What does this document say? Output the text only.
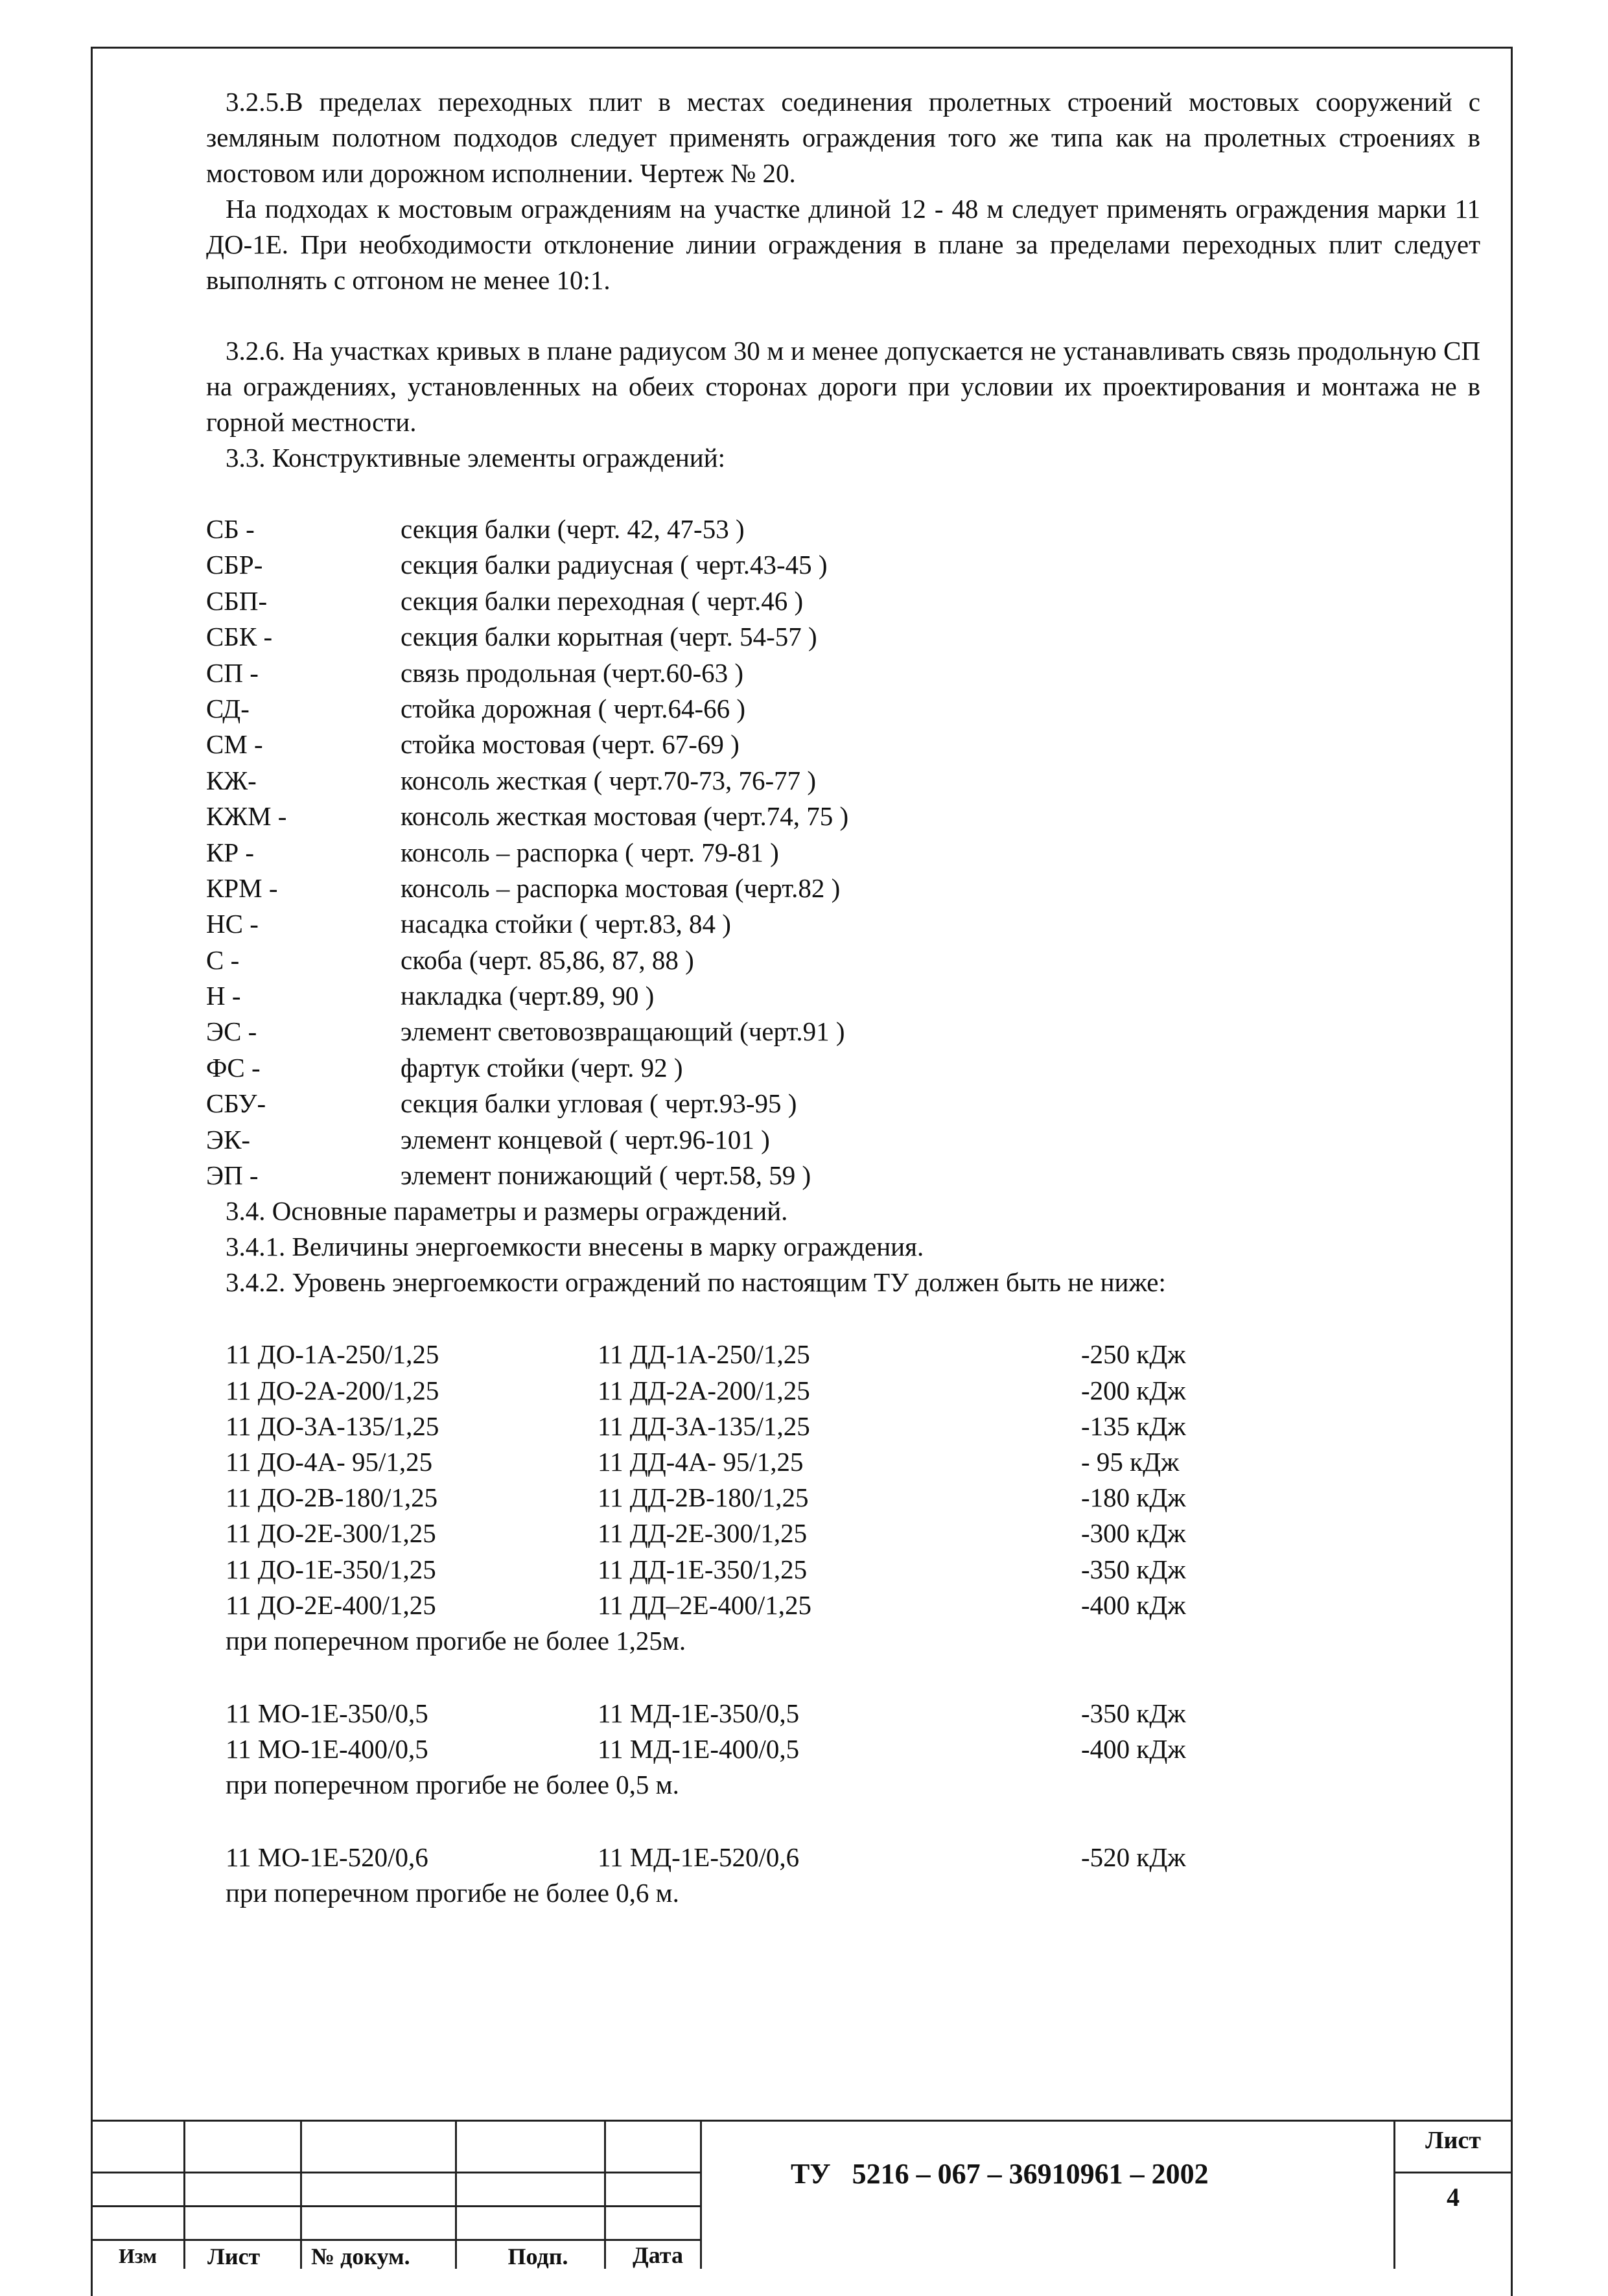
3.2.5.В пределах переходных плит в местах соединения пролетных строений мостовых сооружений с земляным полотном подходов следует применять ограждения того же типа как на пролетных строениях в мостовом или дорожном исполнении. Чертеж № 20.

На подходах к мостовым ограждениям на участке длиной 12 - 48 м следует применять ограждения марки 11 ДО-1Е. При необходимости отклонение линии ограждения в плане за пределами переходных плит следует выполнять с отгоном не менее 10:1.

3.2.6. На участках кривых в плане радиусом 30 м и менее допускается не устанавливать связь продольную СП на ограждениях, установленных на обеих сторонах дороги при условии их проектирования и монтажа не в горной местности.

3.3. Конструктивные элементы ограждений:

СБ -	секция балки (черт. 42, 47-53 )
СБР-	секция балки радиусная ( черт.43-45 )
СБП-	секция балки переходная ( черт.46 )
СБК -	секция балки корытная (черт. 54-57 )
СП -	связь продольная (черт.60-63 )
СД-	стойка дорожная ( черт.64-66 )
СМ -	стойка мостовая (черт. 67-69 )
КЖ-	консоль жесткая ( черт.70-73, 76-77 )
КЖМ -	консоль жесткая мостовая (черт.74, 75 )
КР -	консоль – распорка ( черт. 79-81 )
КРМ -	консоль – распорка мостовая (черт.82 )
НС -	насадка стойки ( черт.83, 84 )
С -	скоба (черт. 85,86, 87, 88 )
Н -	накладка (черт.89, 90 )
ЭС -	элемент световозвращающий (черт.91 )
ФС -	фартук стойки (черт. 92 )
СБУ-	секция балки угловая ( черт.93-95 )
ЭК-	элемент концевой ( черт.96-101 )
ЭП -	элемент понижающий ( черт.58, 59 )

3.4. Основные параметры и размеры ограждений.

3.4.1. Величины энергоемкости внесены в марку ограждения.

3.4.2. Уровень энергоемкости ограждений по настоящим ТУ должен быть не ниже:

11 ДО-1А-250/1,25	11 ДД-1А-250/1,25	-250 кДж
11 ДО-2А-200/1,25	11 ДД-2А-200/1,25	-200 кДж
11 ДО-3А-135/1,25	11 ДД-3А-135/1,25	-135 кДж
11 ДО-4А- 95/1,25	11 ДД-4А- 95/1,25	- 95 кДж
11 ДО-2В-180/1,25	11 ДД-2В-180/1,25	-180 кДж
11 ДО-2Е-300/1,25	11 ДД-2Е-300/1,25	-300 кДж
11 ДО-1Е-350/1,25	11 ДД-1Е-350/1,25	-350 кДж
11 ДО-2Е-400/1,25	11 ДД–2Е-400/1,25	-400 кДж
при поперечном прогибе не более 1,25м.
11 МО-1Е-350/0,5	11 МД-1Е-350/0,5	-350 кДж
11 МО-1Е-400/0,5	11 МД-1Е-400/0,5	-400 кДж
при поперечном прогибе не более 0,5 м.
11 МО-1Е-520/0,6	11 МД-1Е-520/0,6	-520 кДж
при поперечном прогибе не более 0,6 м.
Изм	Лист	№ докум.	Подп.	Дата
ТУ   5216 – 067 – 36910961 – 2002
Лист
4
